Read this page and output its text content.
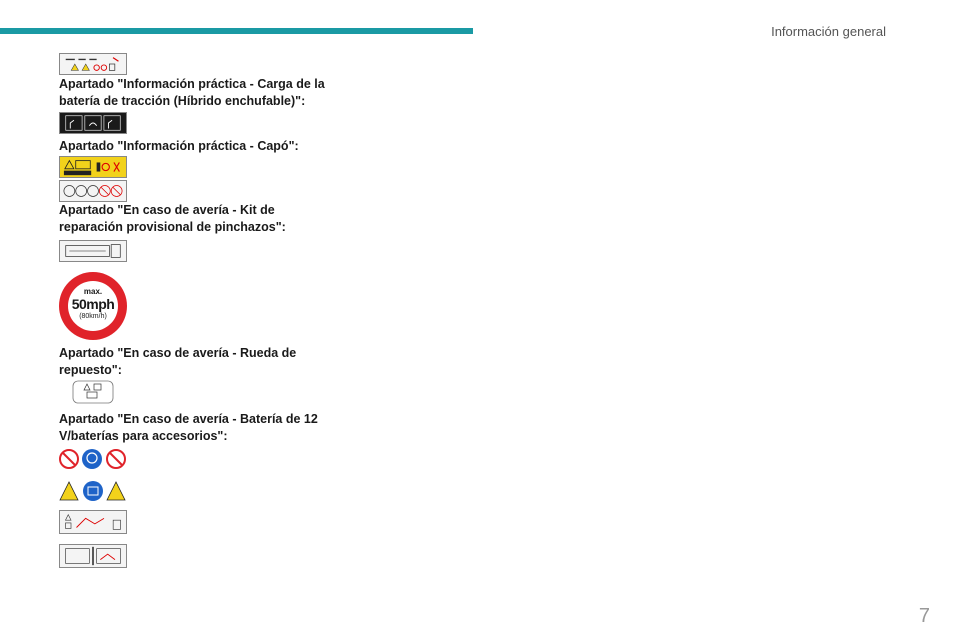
Información general

Apartado "Información práctica - Carga de la batería de tracción (Híbrido enchufable)":

Apartado "Información práctica - Capó":

Apartado "En caso de avería - Kit de reparación provisional de pinchazos":

max.
50mph
(80km/h)

Apartado "En caso de avería - Rueda de repuesto":

Apartado "En caso de avería - Batería de 12 V/baterías para accesorios":

7
